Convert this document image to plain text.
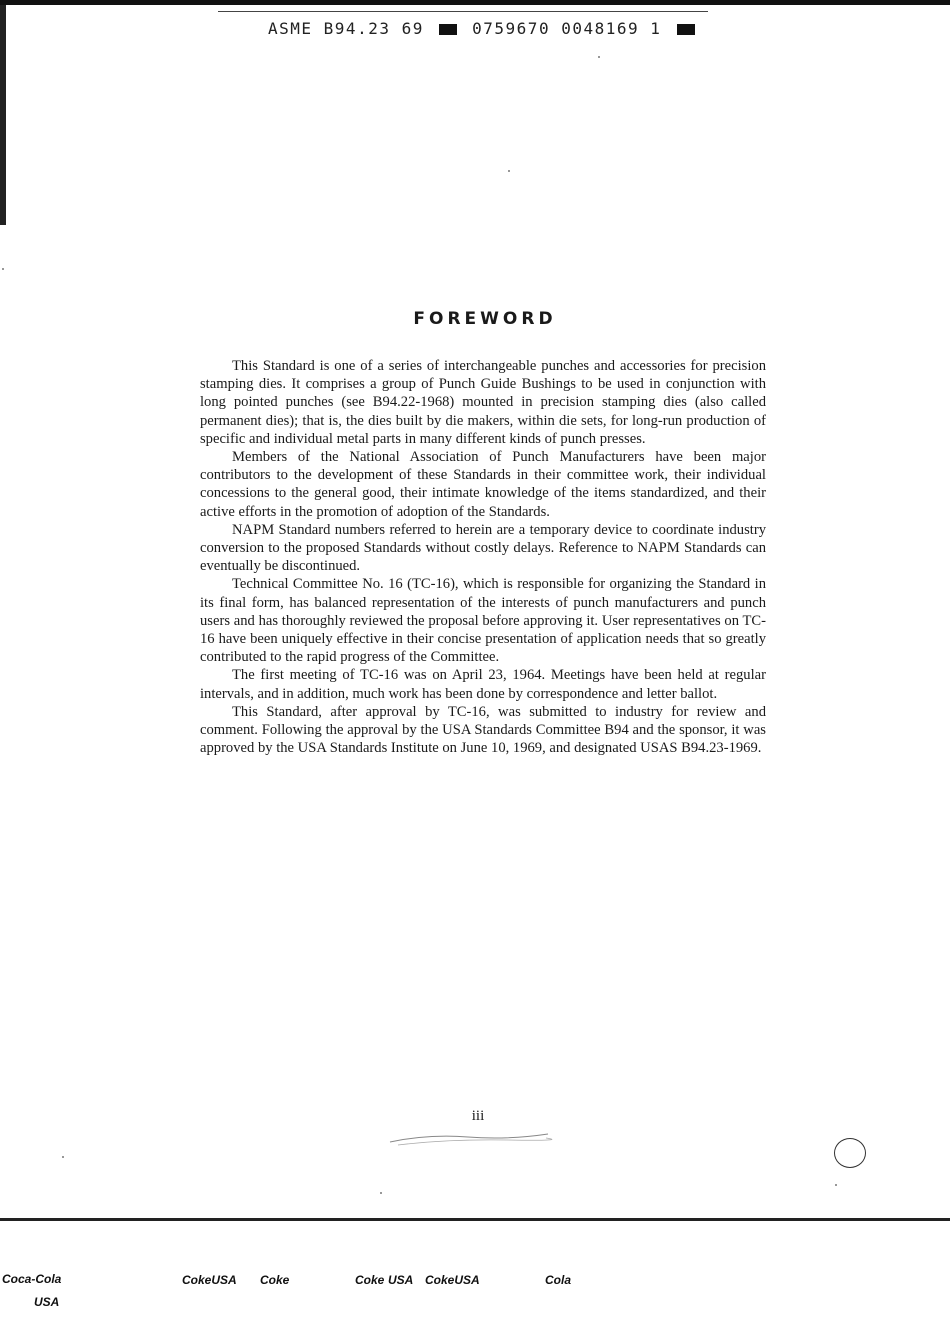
ASME B94.23 69	0759670 0048169 1
FOREWORD

This Standard is one of a series of interchangeable punches and accessories for precision stamping dies. It comprises a group of Punch Guide Bushings to be used in conjunction with long pointed punches (see B94.22-1968) mounted in precision stamping dies (also called permanent dies); that is, the dies built by die makers, within die sets, for long-run production of specific and individual metal parts in many different kinds of punch presses.

Members of the National Association of Punch Manufacturers have been major contributors to the development of these Standards in their committee work, their individual concessions to the general good, their intimate knowledge of the items standardized, and their active efforts in the promotion of adoption of the Standards.

NAPM Standard numbers referred to herein are a temporary device to coordinate industry conversion to the proposed Standards without costly delays. Reference to NAPM Standards can eventually be discontinued.

Technical Committee No. 16 (TC-16), which is responsible for organizing the Standard in its final form, has balanced representation of the interests of punch manufacturers and punch users and has thoroughly reviewed the proposal before approving it. User representatives on TC-16 have been uniquely effective in their concise presentation of application needs that so greatly contributed to the rapid progress of the Committee.

The first meeting of TC-16 was on April 23, 1964. Meetings have been held at regular intervals, and in addition, much work has been done by correspondence and letter ballot.

This Standard, after approval by TC-16, was submitted to industry for review and comment. Following the approval by the USA Standards Committee B94 and the sponsor, it was approved by the USA Standards Institute on June 10, 1969, and designated USAS B94.23-1969.

iii
Coca-Cola
USA
CokeUSA Coke	Coke USA CokeUSA	Cola
